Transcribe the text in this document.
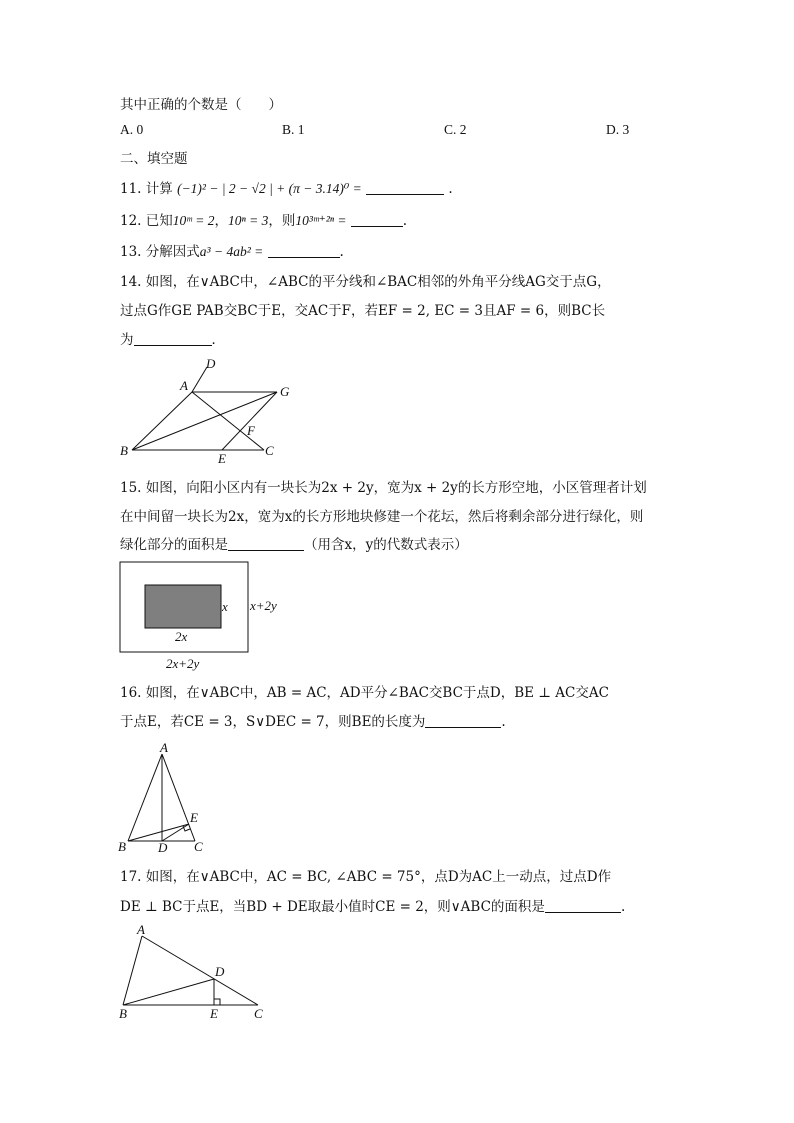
其中正确的个数是（　　）
A. 0	B. 1	C. 2	D. 3
二、填空题
11. 计算 (−1)² − | 2 − √2 | + (π − 3.14)⁰ =	.
12. 已知10ᵐ = 2，10ⁿ = 3，则10³ᵐ⁺²ⁿ =	.
13. 分解因式a³ − 4ab² =	.
14. 如图，在∨ABC中，∠ABC的平分线和∠BAC相邻的外角平分线AG交于点G，
过点G作GE PAB交BC于E，交AC于F，若EF = 2, EC = 3且AF = 6，则BC长
为	．
D
A	G
F
B
E
C
15. 如图，向阳小区内有一块长为2x + 2y，宽为x + 2y的长方形空地，小区管理者计划
在中间留一块长为2x，宽为x的长方形地块修建一个花坛，然后将剩余部分进行绿化，则
绿化部分的面积是	（用含x，y的代数式表示）
x
2x
x+2y
2x+2y
16. 如图，在∨ABC中，AB = AC，AD平分∠BAC交BC于点D，BE ⊥ AC交AC
于点E，若CE = 3，S∨DEC = 7，则BE的长度为	.
A
E
B D C
17. 如图，在∨ABC中，AC = BC, ∠ABC = 75°，点D为AC上一动点，过点D作
DE ⊥ BC于点E，当BD + DE取最小值时CE = 2，则∨ABC的面积是	.
A
D
B	E	C
